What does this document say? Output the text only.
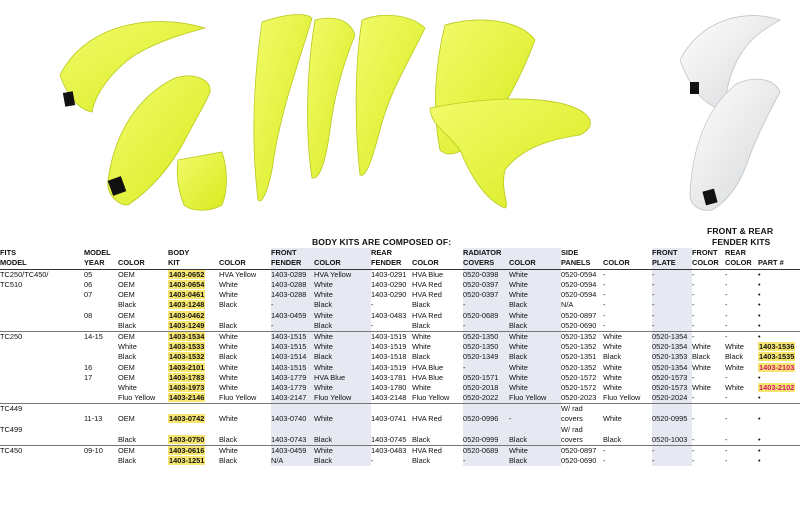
BODY KITS ARE COMPOSED OF:
FRONT & REAR
FENDER KITS
FITS	MODEL		BODY		FRONT		REAR		RADIATOR		SIDE		FRONT	FRONT	REAR	
MODEL	YEAR	COLOR	KIT	COLOR	FENDER	COLOR	FENDER	COLOR	COVERS	COLOR	PANELS	COLOR	PLATE	COLOR	COLOR	PART #
TC250/TC450/	05	OEM	1403-0652	HVA Yellow	1403-0289	HVA Yellow	1403-0291	HVA Blue	0520-0398	White	0520-0594	-	-	-	-	•
TC510	06	OEM	1403-0654	White	1403-0288	White	1403-0290	HVA Red	0520-0397	White	0520-0594	-	-	-	-	•
	07	OEM	1403-0461	White	1403-0288	White	1403-0290	HVA Red	0520-0397	White	0520-0594	-	-	-	-	•
		Black	1403-1248	Black	-	Black	-	Black	-	Black	N/A	-	-	-	-	•
	08	OEM	1403-0462		1403-0459	White	1403-0483	HVA Red	0520-0689	White	0520-0897	-	-	-	-	•
		Black	1403-1249	Black	-	Black	-	Black	-	Black	0520-0690	-	-	-	-	•
TC250	14-15	OEM	1403-1534	White	1403-1515	White	1403-1519	White	0520-1350	White	0520-1352	White	0520-1354	-	-	•
		White	1403-1533	White	1403-1515	White	1403-1519	White	0520-1350	White	0520-1352	White	0520-1354	White	White	1403-1536
		Black	1403-1532	Black	1403-1514	Black	1403-1518	Black	0520-1349	Black	0520-1351	Black	0520-1353	Black	Black	1403-1535
	16	OEM	1403-2101	White	1403-1515	White	1403-1519	HVA Blue	-	White	0520-1352	White	0520-1354	White	White	1403-2103
	17	OEM	1403-1783	White	1403-1779	HVA Blue	1403-1781	HVA Blue	0520-1571	White	0520-1572	White	0520-1573	-	-	•
		White	1403-1973	White	1403-1779	White	1403-1780	White	0520-2018	White	0520-1572	White	0520-1573	White	White	1403-2102
		Fluo Yellow	1403-2146	Fluo Yellow	1403-2147	Fluo Yellow	1403-2148	Fluo Yellow	0520-2022	Fluo Yellow	0520-2023	Fluo Yellow	0520-2024	-	-	•
TC449											W/ rad					
	11-13	OEM	1403-0742	White	1403-0740	White	1403-0741	HVA Red	0520-0996	-	covers	White	0520-0995	-	-	•
TC499											W/ rad					
		Black	1403-0750	Black	1403-0743	Black	1403-0745	Black	0520-0999	Black	covers	Black	0520-1003	-	-	•
TC450	09-10	OEM	1403-0616	White	1403-0459	White	1403-0483	HVA Red	0520-0689	White	0520-0897	-	-	-	-	•
		Black	1403-1251	Black	N/A	Black	-	Black	-	Black	0520-0690	-	-	-	-	•
